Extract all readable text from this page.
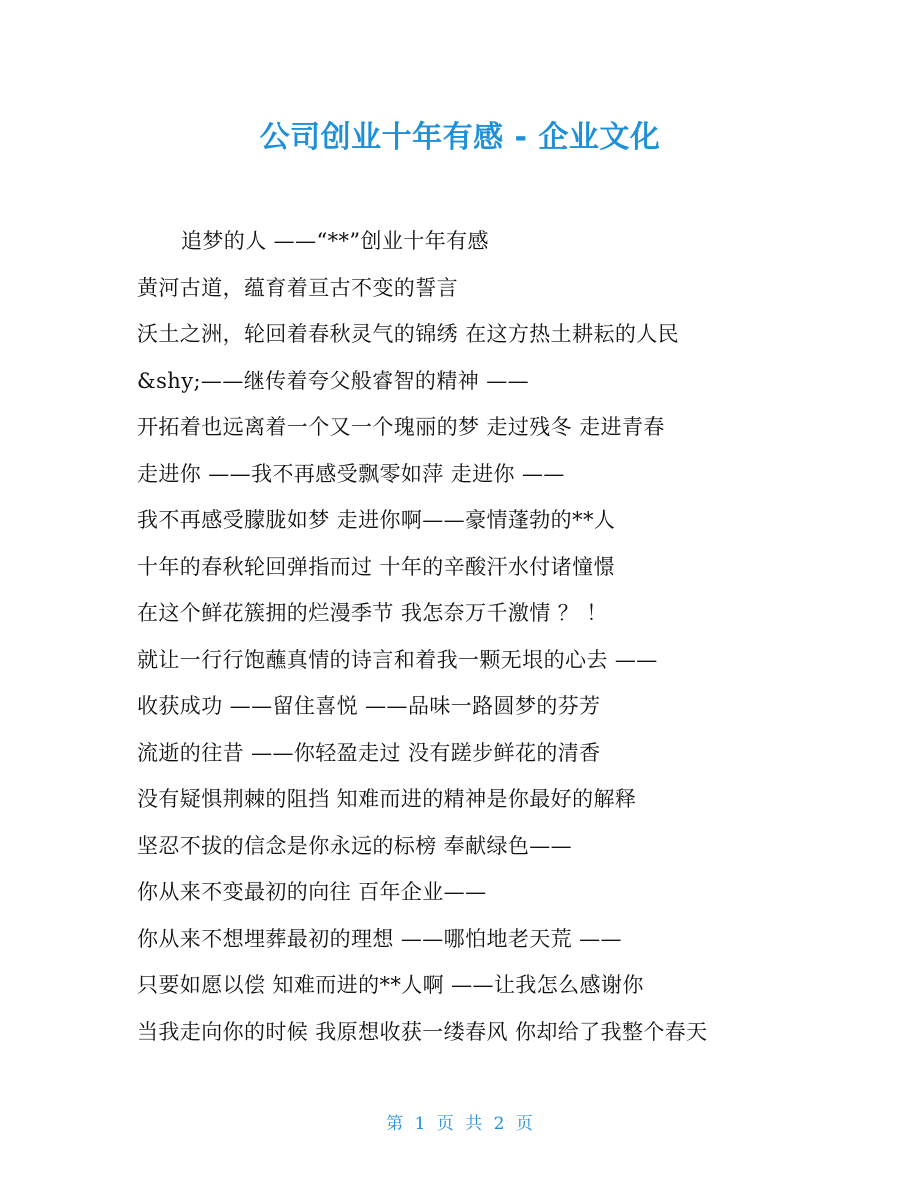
公司创业十年有感 - 企业文化
追梦的人 ——“**”创业十年有感
黄河古道，蕴育着亘古不变的誓言
沃土之洲，轮回着春秋灵气的锦绣 在这方热土耕耘的人民
&shy;——继传着夸父般睿智的精神 ——
开拓着也远离着一个又一个瑰丽的梦 走过残冬 走进青春
走进你 ——我不再感受飘零如萍 走进你 ——
我不再感受朦胧如梦 走进你啊——豪情蓬勃的**人
十年的春秋轮回弹指而过 十年的辛酸汗水付诸憧憬
在这个鲜花簇拥的烂漫季节 我怎奈万千激情 ？ ！
就让一行行饱蘸真情的诗言和着我一颗无垠的心去 ——
收获成功 ——留住喜悦 ——品味一路圆梦的芬芳
流逝的往昔 ——你轻盈走过 没有蹉步鲜花的清香
没有疑惧荆棘的阻挡 知难而进的精神是你最好的解释
坚忍不拔的信念是你永远的标榜 奉献绿色——
你从来不变最初的向往 百年企业——
你从来不想埋葬最初的理想 ——哪怕地老天荒 ——
只要如愿以偿 知难而进的**人啊 ——让我怎么感谢你
当我走向你的时候 我原想收获一缕春风 你却给了我整个春天
第 1 页 共 2 页
